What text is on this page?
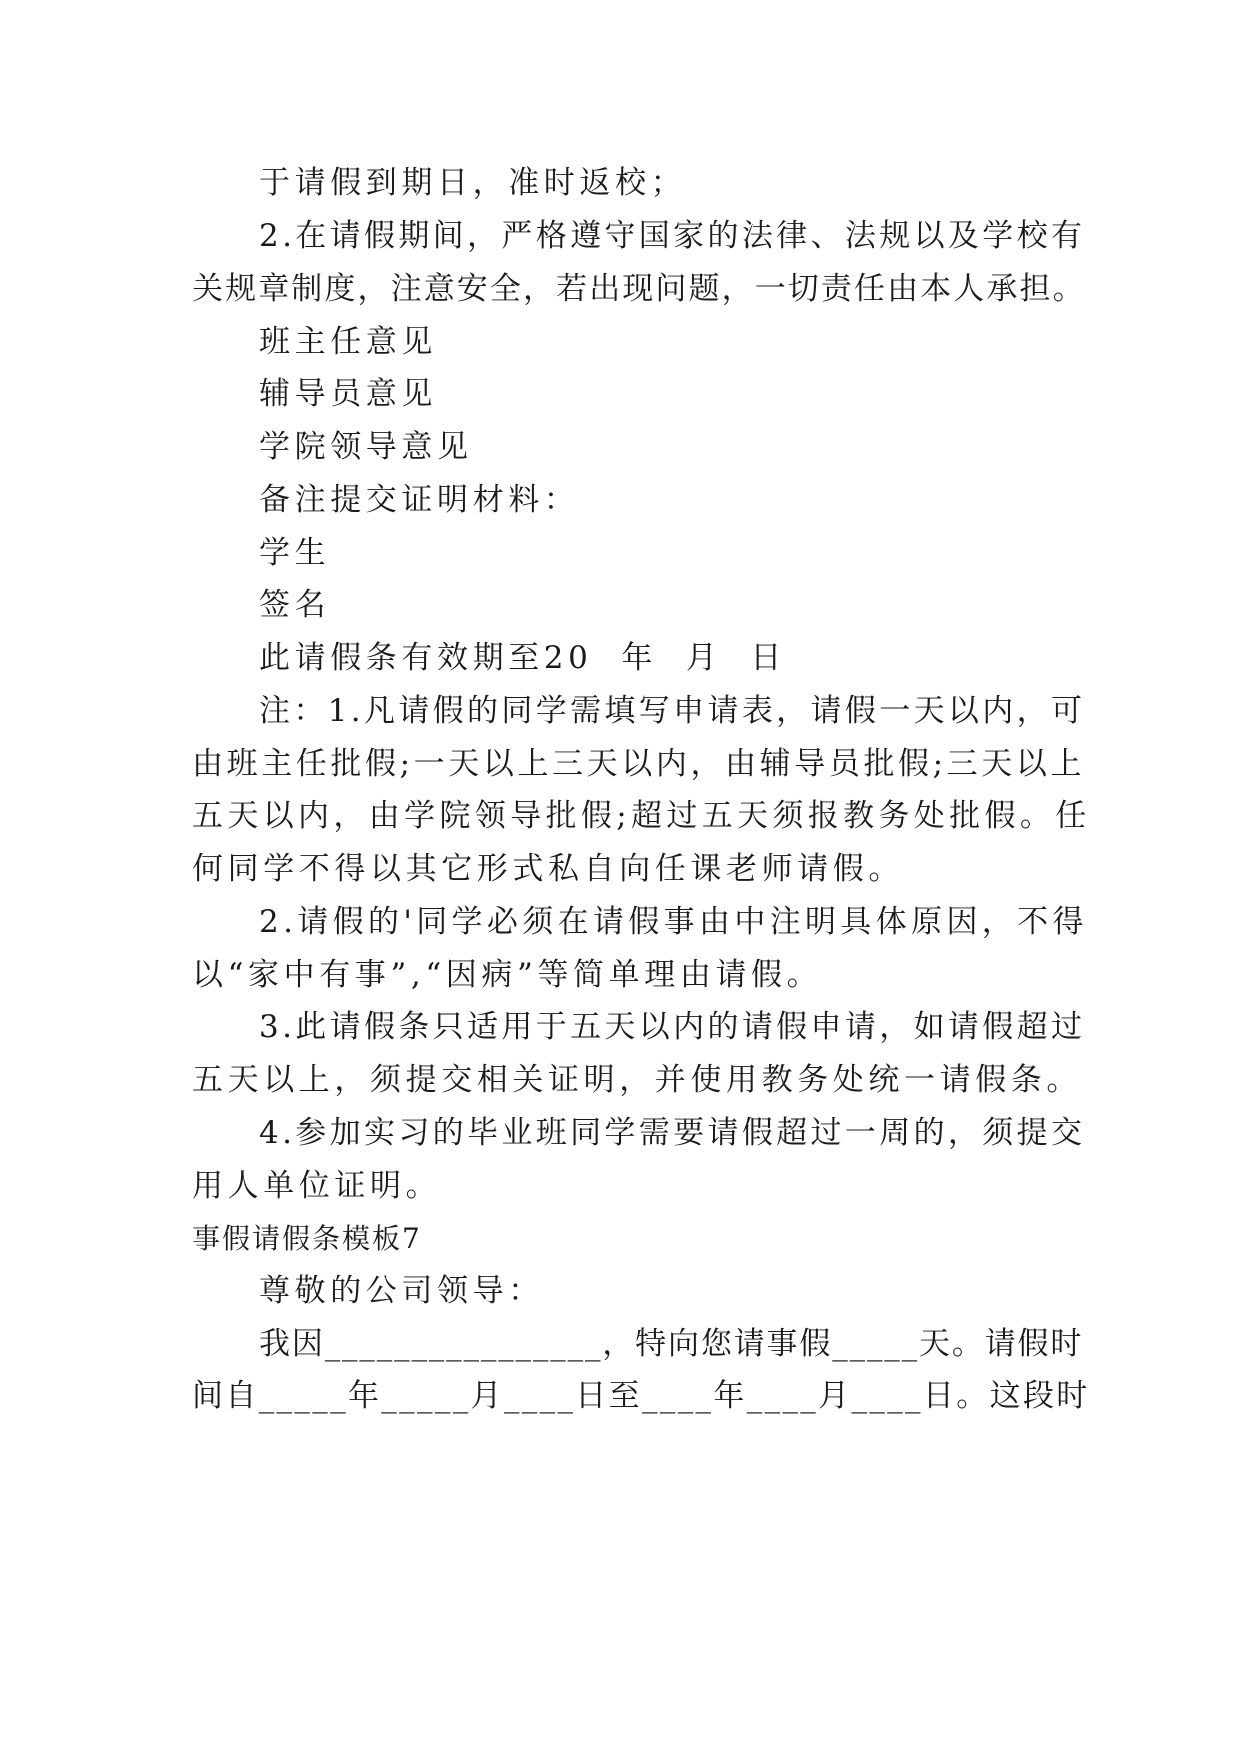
于请假到期日，准时返校；
2.在请假期间，严格遵守国家的法律、法规以及学校有
关规章制度，注意安全，若出现问题，一切责任由本人承担。
班主任意见
辅导员意见
学院领导意见
备注提交证明材料：
学生
签名
此请假条有效期至20  年  月  日
注：1.凡请假的同学需填写申请表，请假一天以内，可
由班主任批假;一天以上三天以内，由辅导员批假;三天以上
五天以内，由学院领导批假;超过五天须报教务处批假。任
何同学不得以其它形式私自向任课老师请假。
2.请假的'同学必须在请假事由中注明具体原因，不得
以“家中有事”,“因病”等简单理由请假。
3.此请假条只适用于五天以内的请假申请，如请假超过
五天以上，须提交相关证明，并使用教务处统一请假条。
4.参加实习的毕业班同学需要请假超过一周的，须提交
用人单位证明。
事假请假条模板7
尊敬的公司领导：
我因________________，特向您请事假_____天。请假时
间自_____年_____月____日至____年____月____日。这段时
